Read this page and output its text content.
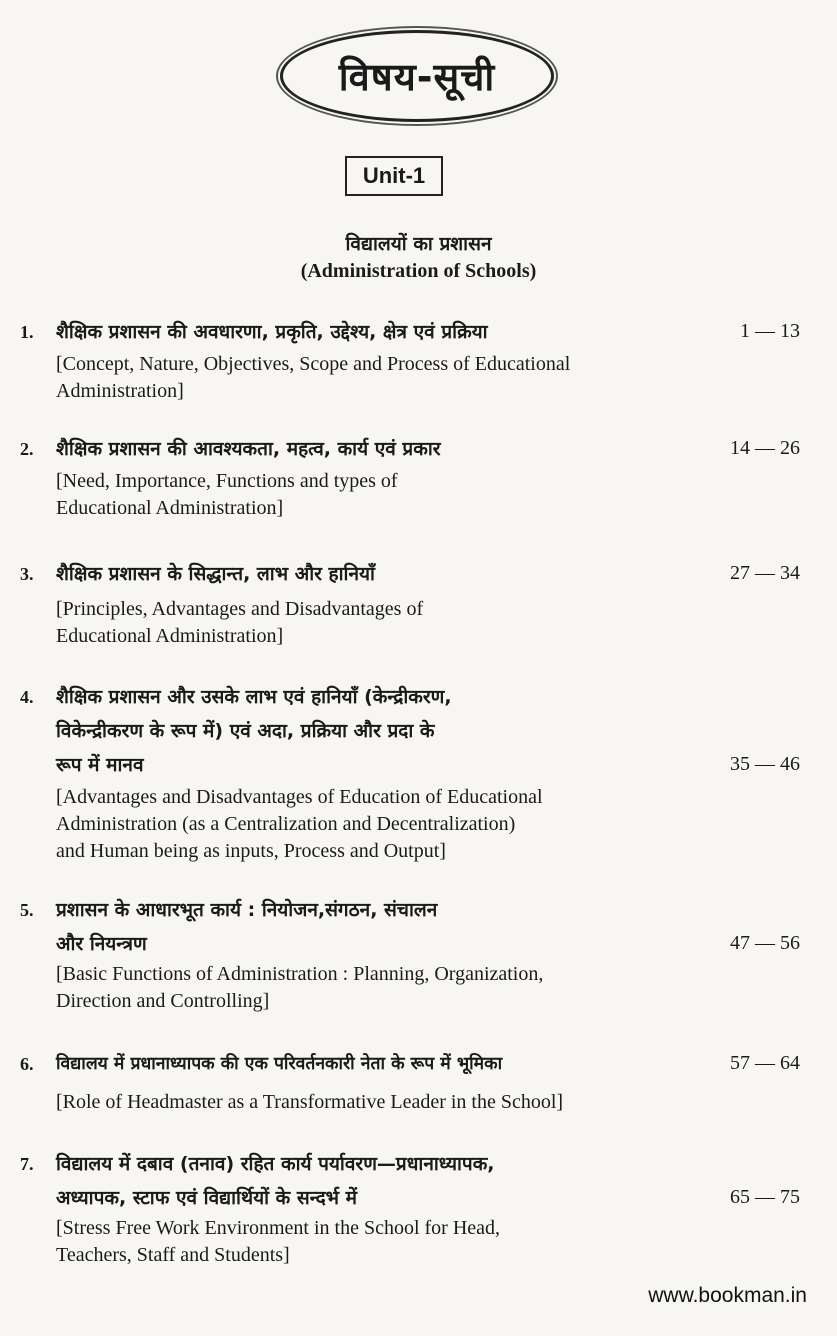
विषय-सूची
Unit-1
विद्यालयों का प्रशासन
(Administration of Schools)
1.	शैक्षिक प्रशासन की अवधारणा, प्रकृति, उद्देश्य, क्षेत्र एवं प्रक्रिया
[Concept, Nature, Objectives, Scope and Process of Educational
Administration]
1 — 13
2.	शैक्षिक प्रशासन की आवश्यकता, महत्व, कार्य एवं प्रकार
[Need, Importance, Functions and types of
Educational Administration]
14 — 26
3.	शैक्षिक प्रशासन के सिद्धान्त, लाभ और हानियाँ
[Principles, Advantages and Disadvantages of
Educational Administration]
27 — 34
4.	शैक्षिक प्रशासन और उसके लाभ एवं हानियाँ (केन्द्रीकरण,
विकेन्द्रीकरण के रूप में) एवं अदा, प्रक्रिया और प्रदा के
रूप में मानव
[Advantages and Disadvantages of Education of Educational
Administration (as a Centralization and Decentralization)
and Human being as inputs, Process and Output]
35 — 46
5.	प्रशासन के आधारभूत कार्य : नियोजन,संगठन, संचालन
और नियन्त्रण
[Basic Functions of Administration : Planning, Organization,
Direction and Controlling]
47 — 56
6.	विद्यालय में प्रधानाध्यापक की एक परिवर्तनकारी नेता के रूप में भूमिका
[Role of Headmaster as a Transformative Leader in the School]
57 — 64
7.	विद्यालय में दबाव (तनाव) रहित कार्य पर्यावरण—प्रधानाध्यापक,
अध्यापक, स्टाफ एवं विद्यार्थियों के सन्दर्भ में
[Stress Free Work Environment in the School for Head,
Teachers, Staff and Students]
65 — 75
www.bookman.in
